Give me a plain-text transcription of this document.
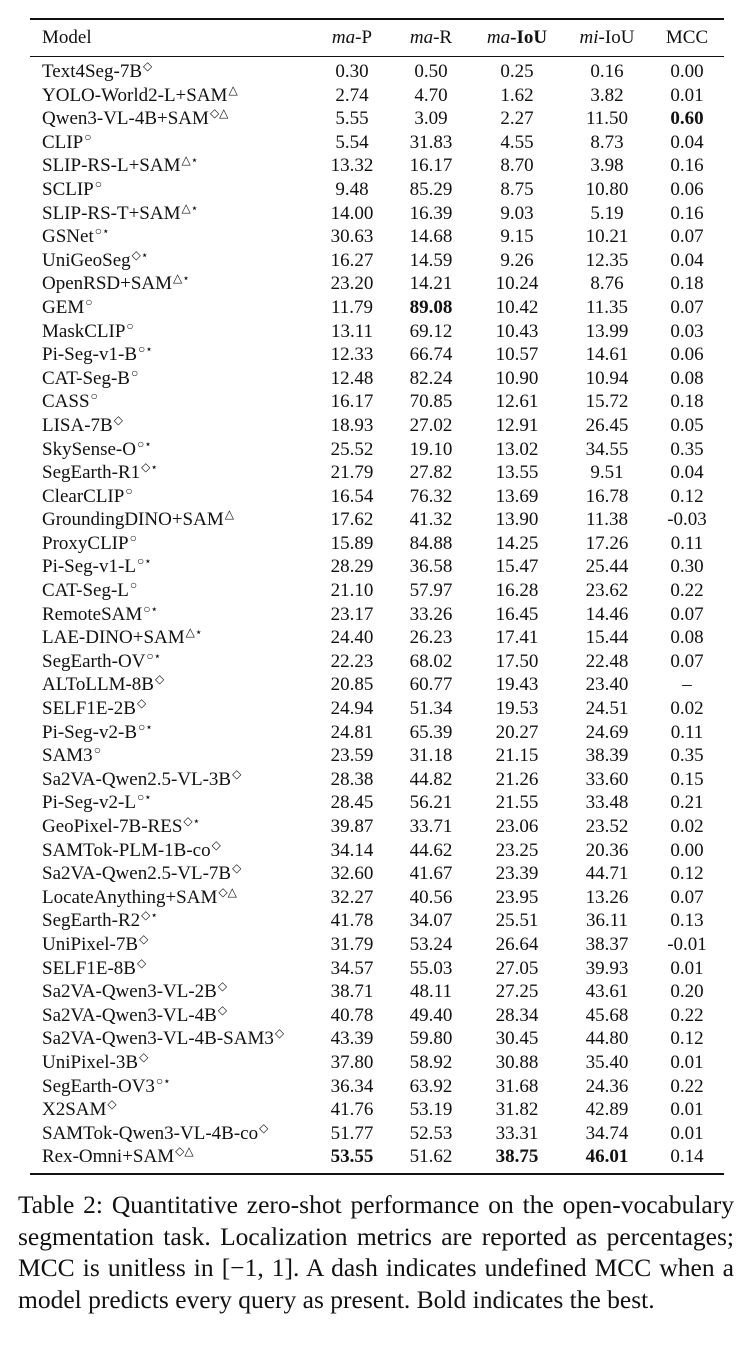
Model	ma-P	ma-R	ma-IoU	mi-IoU	MCC
Text4Seg-7B◇	0.30	0.50	0.25	0.16	0.00
YOLO-World2-L+SAM△	2.74	4.70	1.62	3.82	0.01
Qwen3-VL-4B+SAM◇△	5.55	3.09	2.27	11.50	0.60
CLIP○	5.54	31.83	4.55	8.73	0.04
SLIP-RS-L+SAM△⋆	13.32	16.17	8.70	3.98	0.16
SCLIP○	9.48	85.29	8.75	10.80	0.06
SLIP-RS-T+SAM△⋆	14.00	16.39	9.03	5.19	0.16
GSNet○⋆	30.63	14.68	9.15	10.21	0.07
UniGeoSeg◇⋆	16.27	14.59	9.26	12.35	0.04
OpenRSD+SAM△⋆	23.20	14.21	10.24	8.76	0.18
GEM○	11.79	89.08	10.42	11.35	0.07
MaskCLIP○	13.11	69.12	10.43	13.99	0.03
Pi-Seg-v1-B○⋆	12.33	66.74	10.57	14.61	0.06
CAT-Seg-B○	12.48	82.24	10.90	10.94	0.08
CASS○	16.17	70.85	12.61	15.72	0.18
LISA-7B◇	18.93	27.02	12.91	26.45	0.05
SkySense-O○⋆	25.52	19.10	13.02	34.55	0.35
SegEarth-R1◇⋆	21.79	27.82	13.55	9.51	0.04
ClearCLIP○	16.54	76.32	13.69	16.78	0.12
GroundingDINO+SAM△	17.62	41.32	13.90	11.38	-0.03
ProxyCLIP○	15.89	84.88	14.25	17.26	0.11
Pi-Seg-v1-L○⋆	28.29	36.58	15.47	25.44	0.30
CAT-Seg-L○	21.10	57.97	16.28	23.62	0.22
RemoteSAM○⋆	23.17	33.26	16.45	14.46	0.07
LAE-DINO+SAM△⋆	24.40	26.23	17.41	15.44	0.08
SegEarth-OV○⋆	22.23	68.02	17.50	22.48	0.07
ALToLLM-8B◇	20.85	60.77	19.43	23.40	–
SELF1E-2B◇	24.94	51.34	19.53	24.51	0.02
Pi-Seg-v2-B○⋆	24.81	65.39	20.27	24.69	0.11
SAM3○	23.59	31.18	21.15	38.39	0.35
Sa2VA-Qwen2.5-VL-3B◇	28.38	44.82	21.26	33.60	0.15
Pi-Seg-v2-L○⋆	28.45	56.21	21.55	33.48	0.21
GeoPixel-7B-RES◇⋆	39.87	33.71	23.06	23.52	0.02
SAMTok-PLM-1B-co◇	34.14	44.62	23.25	20.36	0.00
Sa2VA-Qwen2.5-VL-7B◇	32.60	41.67	23.39	44.71	0.12
LocateAnything+SAM◇△	32.27	40.56	23.95	13.26	0.07
SegEarth-R2◇⋆	41.78	34.07	25.51	36.11	0.13
UniPixel-7B◇	31.79	53.24	26.64	38.37	-0.01
SELF1E-8B◇	34.57	55.03	27.05	39.93	0.01
Sa2VA-Qwen3-VL-2B◇	38.71	48.11	27.25	43.61	0.20
Sa2VA-Qwen3-VL-4B◇	40.78	49.40	28.34	45.68	0.22
Sa2VA-Qwen3-VL-4B-SAM3◇	43.39	59.80	30.45	44.80	0.12
UniPixel-3B◇	37.80	58.92	30.88	35.40	0.01
SegEarth-OV3○⋆	36.34	63.92	31.68	24.36	0.22
X2SAM◇	41.76	53.19	31.82	42.89	0.01
SAMTok-Qwen3-VL-4B-co◇	51.77	52.53	33.31	34.74	0.01
Rex-Omni+SAM◇△	53.55	51.62	38.75	46.01	0.14
Table 2: Quantitative zero-shot performance on the open-vocabulary segmentation task. Localization metrics are reported as percentages; MCC is unitless in [−1, 1]. A dash indicates undefined MCC when a model predicts every query as present. Bold indicates the best.
